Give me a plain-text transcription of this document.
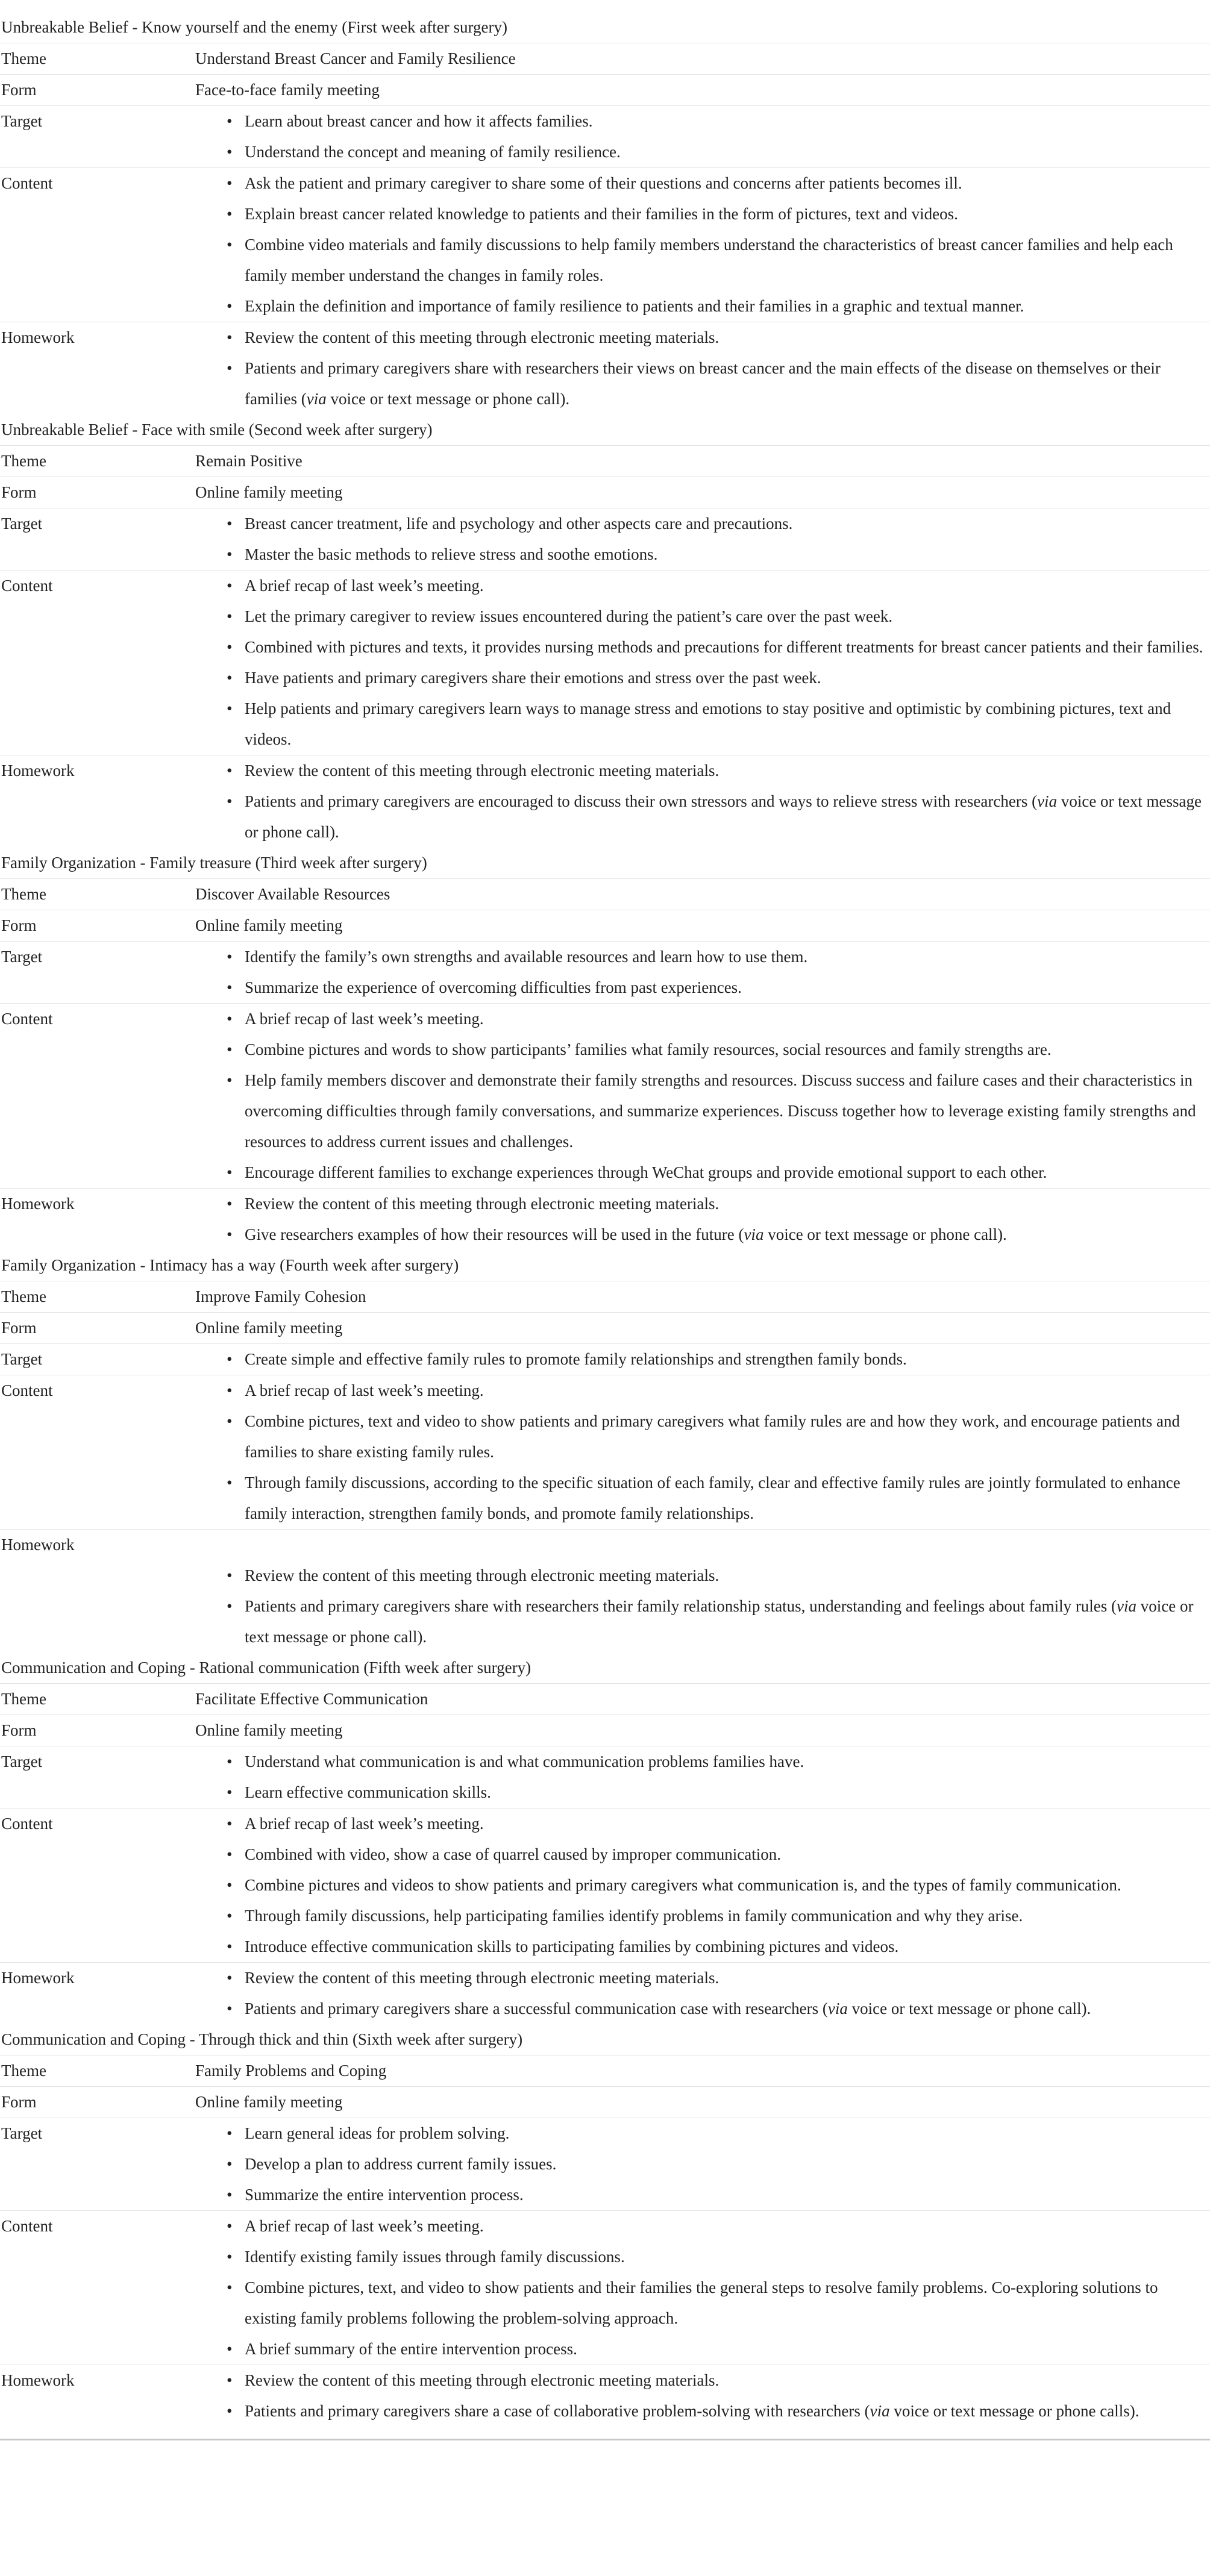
Unbreakable Belief - Know yourself and the enemy (First week after surgery)
Theme	Understand Breast Cancer and Family Resilience
Form	Face-to-face family meeting
Target	• Learn about breast cancer and how it affects families.
• Understand the concept and meaning of family resilience.
Content	• Ask the patient and primary caregiver to share some of their questions and concerns after patients becomes ill.
• Explain breast cancer related knowledge to patients and their families in the form of pictures, text and videos.
• Combine video materials and family discussions to help family members understand the characteristics of breast cancer families and help each family member understand the changes in family roles.
• Explain the definition and importance of family resilience to patients and their families in a graphic and textual manner.
Homework	• Review the content of this meeting through electronic meeting materials.
• Patients and primary caregivers share with researchers their views on breast cancer and the main effects of the disease on themselves or their families (via voice or text message or phone call).
Unbreakable Belief - Face with smile (Second week after surgery)
Theme	Remain Positive
Form	Online family meeting
Target	• Breast cancer treatment, life and psychology and other aspects care and precautions.
• Master the basic methods to relieve stress and soothe emotions.
Content	• A brief recap of last week’s meeting.
• Let the primary caregiver to review issues encountered during the patient’s care over the past week.
• Combined with pictures and texts, it provides nursing methods and precautions for different treatments for breast cancer patients and their families.
• Have patients and primary caregivers share their emotions and stress over the past week.
• Help patients and primary caregivers learn ways to manage stress and emotions to stay positive and optimistic by combining pictures, text and videos.
Homework	• Review the content of this meeting through electronic meeting materials.
• Patients and primary caregivers are encouraged to discuss their own stressors and ways to relieve stress with researchers (via voice or text message or phone call).
Family Organization - Family treasure (Third week after surgery)
Theme	Discover Available Resources
Form	Online family meeting
Target	• Identify the family’s own strengths and available resources and learn how to use them.
• Summarize the experience of overcoming difficulties from past experiences.
Content	• A brief recap of last week’s meeting.
• Combine pictures and words to show participants’ families what family resources, social resources and family strengths are.
• Help family members discover and demonstrate their family strengths and resources. Discuss success and failure cases and their characteristics in overcoming difficulties through family conversations, and summarize experiences. Discuss together how to leverage existing family strengths and resources to address current issues and challenges.
• Encourage different families to exchange experiences through WeChat groups and provide emotional support to each other.
Homework	• Review the content of this meeting through electronic meeting materials.
• Give researchers examples of how their resources will be used in the future (via voice or text message or phone call).
Family Organization - Intimacy has a way (Fourth week after surgery)
Theme	Improve Family Cohesion
Form	Online family meeting
Target	• Create simple and effective family rules to promote family relationships and strengthen family bonds.
Content	• A brief recap of last week’s meeting.
• Combine pictures, text and video to show patients and primary caregivers what family rules are and how they work, and encourage patients and families to share existing family rules.
• Through family discussions, according to the specific situation of each family, clear and effective family rules are jointly formulated to enhance family interaction, strengthen family bonds, and promote family relationships.
Homework
• Review the content of this meeting through electronic meeting materials.
• Patients and primary caregivers share with researchers their family relationship status, understanding and feelings about family rules (via voice or text message or phone call).
Communication and Coping - Rational communication (Fifth week after surgery)
Theme	Facilitate Effective Communication
Form	Online family meeting
Target	• Understand what communication is and what communication problems families have.
• Learn effective communication skills.
Content	• A brief recap of last week’s meeting.
• Combined with video, show a case of quarrel caused by improper communication.
• Combine pictures and videos to show patients and primary caregivers what communication is, and the types of family communication.
• Through family discussions, help participating families identify problems in family communication and why they arise.
• Introduce effective communication skills to participating families by combining pictures and videos.
Homework	• Review the content of this meeting through electronic meeting materials.
• Patients and primary caregivers share a successful communication case with researchers (via voice or text message or phone call).
Communication and Coping - Through thick and thin (Sixth week after surgery)
Theme	Family Problems and Coping
Form	Online family meeting
Target	• Learn general ideas for problem solving.
• Develop a plan to address current family issues.
• Summarize the entire intervention process.
Content	• A brief recap of last week’s meeting.
• Identify existing family issues through family discussions.
• Combine pictures, text, and video to show patients and their families the general steps to resolve family problems. Co-exploring solutions to existing family problems following the problem-solving approach.
• A brief summary of the entire intervention process.
Homework	• Review the content of this meeting through electronic meeting materials.
• Patients and primary caregivers share a case of collaborative problem-solving with researchers (via voice or text message or phone calls).
